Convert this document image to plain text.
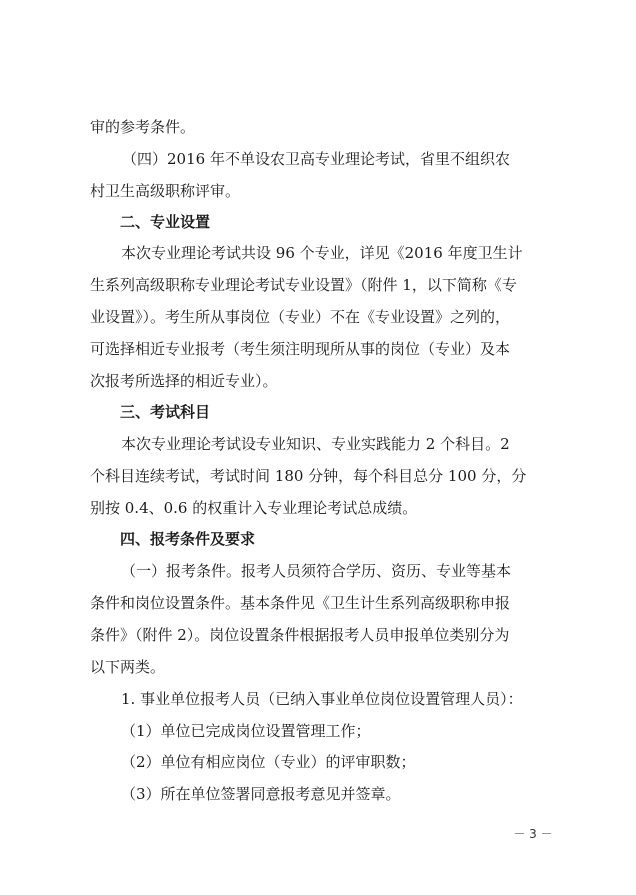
审的参考条件。
（四）2016 年不单设农卫高专业理论考试，省里不组织农
村卫生高级职称评审。
二、专业设置
本次专业理论考试共设 96 个专业，详见《2016 年度卫生计
生系列高级职称专业理论考试专业设置》（附件 1，以下简称《专
业设置》）。考生所从事岗位（专业）不在《专业设置》之列的，
可选择相近专业报考（考生须注明现所从事的岗位（专业）及本
次报考所选择的相近专业）。
三、考试科目
本次专业理论考试设专业知识、专业实践能力 2 个科目。2
个科目连续考试，考试时间 180 分钟，每个科目总分 100 分，分
别按 0.4、0.6 的权重计入专业理论考试总成绩。
四、报考条件及要求
（一）报考条件。报考人员须符合学历、资历、专业等基本
条件和岗位设置条件。基本条件见《卫生计生系列高级职称申报
条件》（附件 2）。岗位设置条件根据报考人员申报单位类别分为
以下两类。
1. 事业单位报考人员（已纳入事业单位岗位设置管理人员）：
（1）单位已完成岗位设置管理工作；
（2）单位有相应岗位（专业）的评审职数；
（3）所在单位签署同意报考意见并签章。
－ 3 －
